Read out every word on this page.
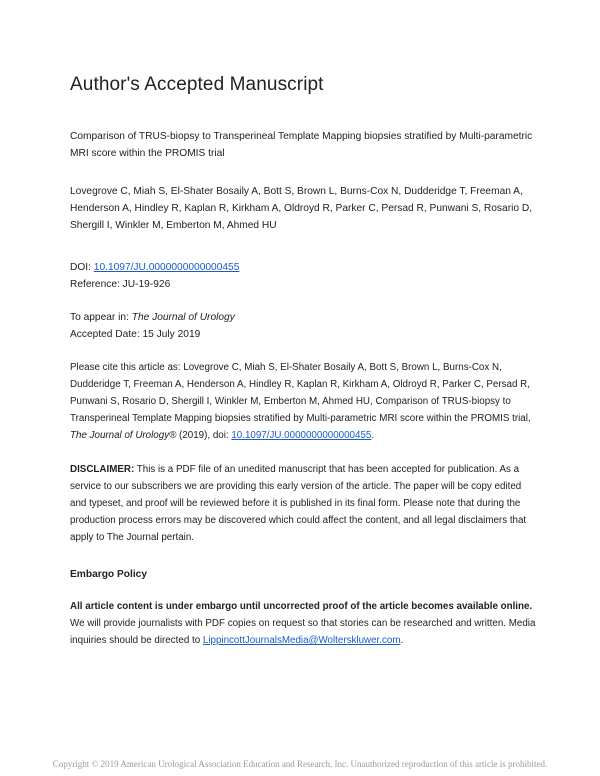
Author's Accepted Manuscript

Comparison of TRUS-biopsy to Transperineal Template Mapping biopsies stratified by Multi-parametric MRI score within the PROMIS trial

Lovegrove C, Miah S, El-Shater Bosaily A, Bott S, Brown L, Burns-Cox N, Dudderidge T, Freeman A, Henderson A, Hindley R, Kaplan R, Kirkham A, Oldroyd R, Parker C, Persad R, Punwani S, Rosario D, Shergill I, Winkler M, Emberton M, Ahmed HU

DOI: 10.1097/JU.0000000000000455
Reference: JU-19-926
To appear in: The Journal of Urology
Accepted Date: 15 July 2019

Please cite this article as: Lovegrove C, Miah S, El-Shater Bosaily A, Bott S, Brown L, Burns-Cox N, Dudderidge T, Freeman A, Henderson A, Hindley R, Kaplan R, Kirkham A, Oldroyd R, Parker C, Persad R, Punwani S, Rosario D, Shergill I, Winkler M, Emberton M, Ahmed HU, Comparison of TRUS-biopsy to Transperineal Template Mapping biopsies stratified by Multi-parametric MRI score within the PROMIS trial, The Journal of Urology® (2019), doi: 10.1097/JU.0000000000000455.

DISCLAIMER: This is a PDF file of an unedited manuscript that has been accepted for publication. As a service to our subscribers we are providing this early version of the article. The paper will be copy edited and typeset, and proof will be reviewed before it is published in its final form. Please note that during the production process errors may be discovered which could affect the content, and all legal disclaimers that apply to The Journal pertain.

Embargo Policy

All article content is under embargo until uncorrected proof of the article becomes available online. We will provide journalists with PDF copies on request so that stories can be researched and written. Media inquiries should be directed to LippincottJournalsMedia@Wolterskluwer.com.

Copyright © 2019 American Urological Association Education and Research, Inc. Unauthorized reproduction of this article is prohibited.
